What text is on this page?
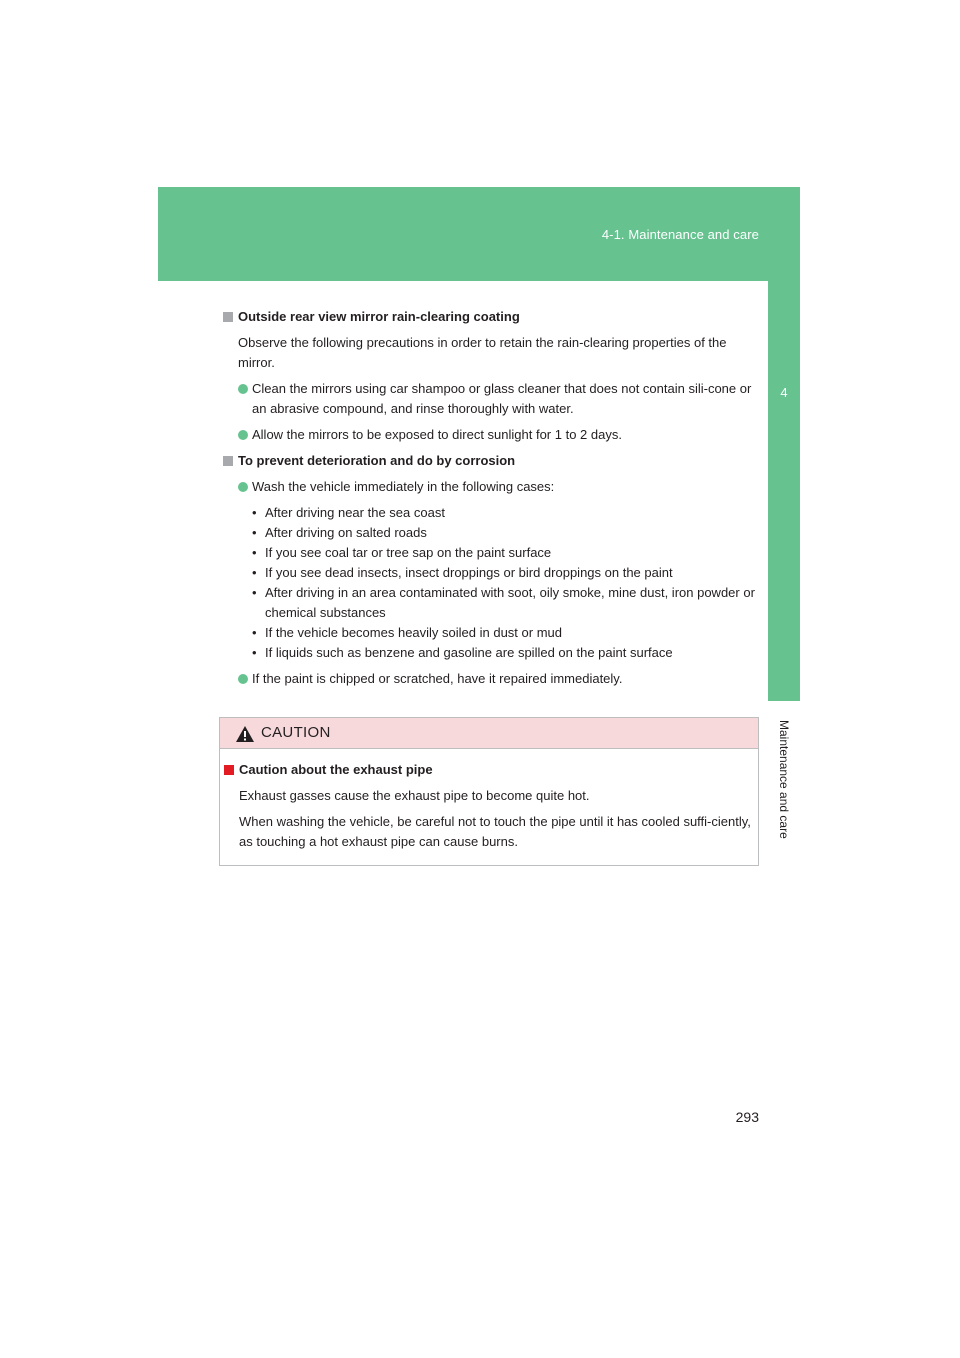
4-1. Maintenance and care
4
Maintenance and care
Outside rear view mirror rain-clearing coating
Observe the following precautions in order to retain the rain-clearing properties of the mirror.
Clean the mirrors using car shampoo or glass cleaner that does not contain sili-cone or an abrasive compound, and rinse thoroughly with water.
Allow the mirrors to be exposed to direct sunlight for 1 to 2 days.
To prevent deterioration and do by corrosion
Wash the vehicle immediately in the following cases:
• After driving near the sea coast
• After driving on salted roads
• If you see coal tar or tree sap on the paint surface
• If you see dead insects, insect droppings or bird droppings on the paint
• After driving in an area contaminated with soot, oily smoke, mine dust, iron powder or chemical substances
• If the vehicle becomes heavily soiled in dust or mud
• If liquids such as benzene and gasoline are spilled on the paint surface
If the paint is chipped or scratched, have it repaired immediately.
CAUTION
Caution about the exhaust pipe
Exhaust gasses cause the exhaust pipe to become quite hot.
When washing the vehicle, be careful not to touch the pipe until it has cooled suffi-ciently, as touching a hot exhaust pipe can cause burns.
293
